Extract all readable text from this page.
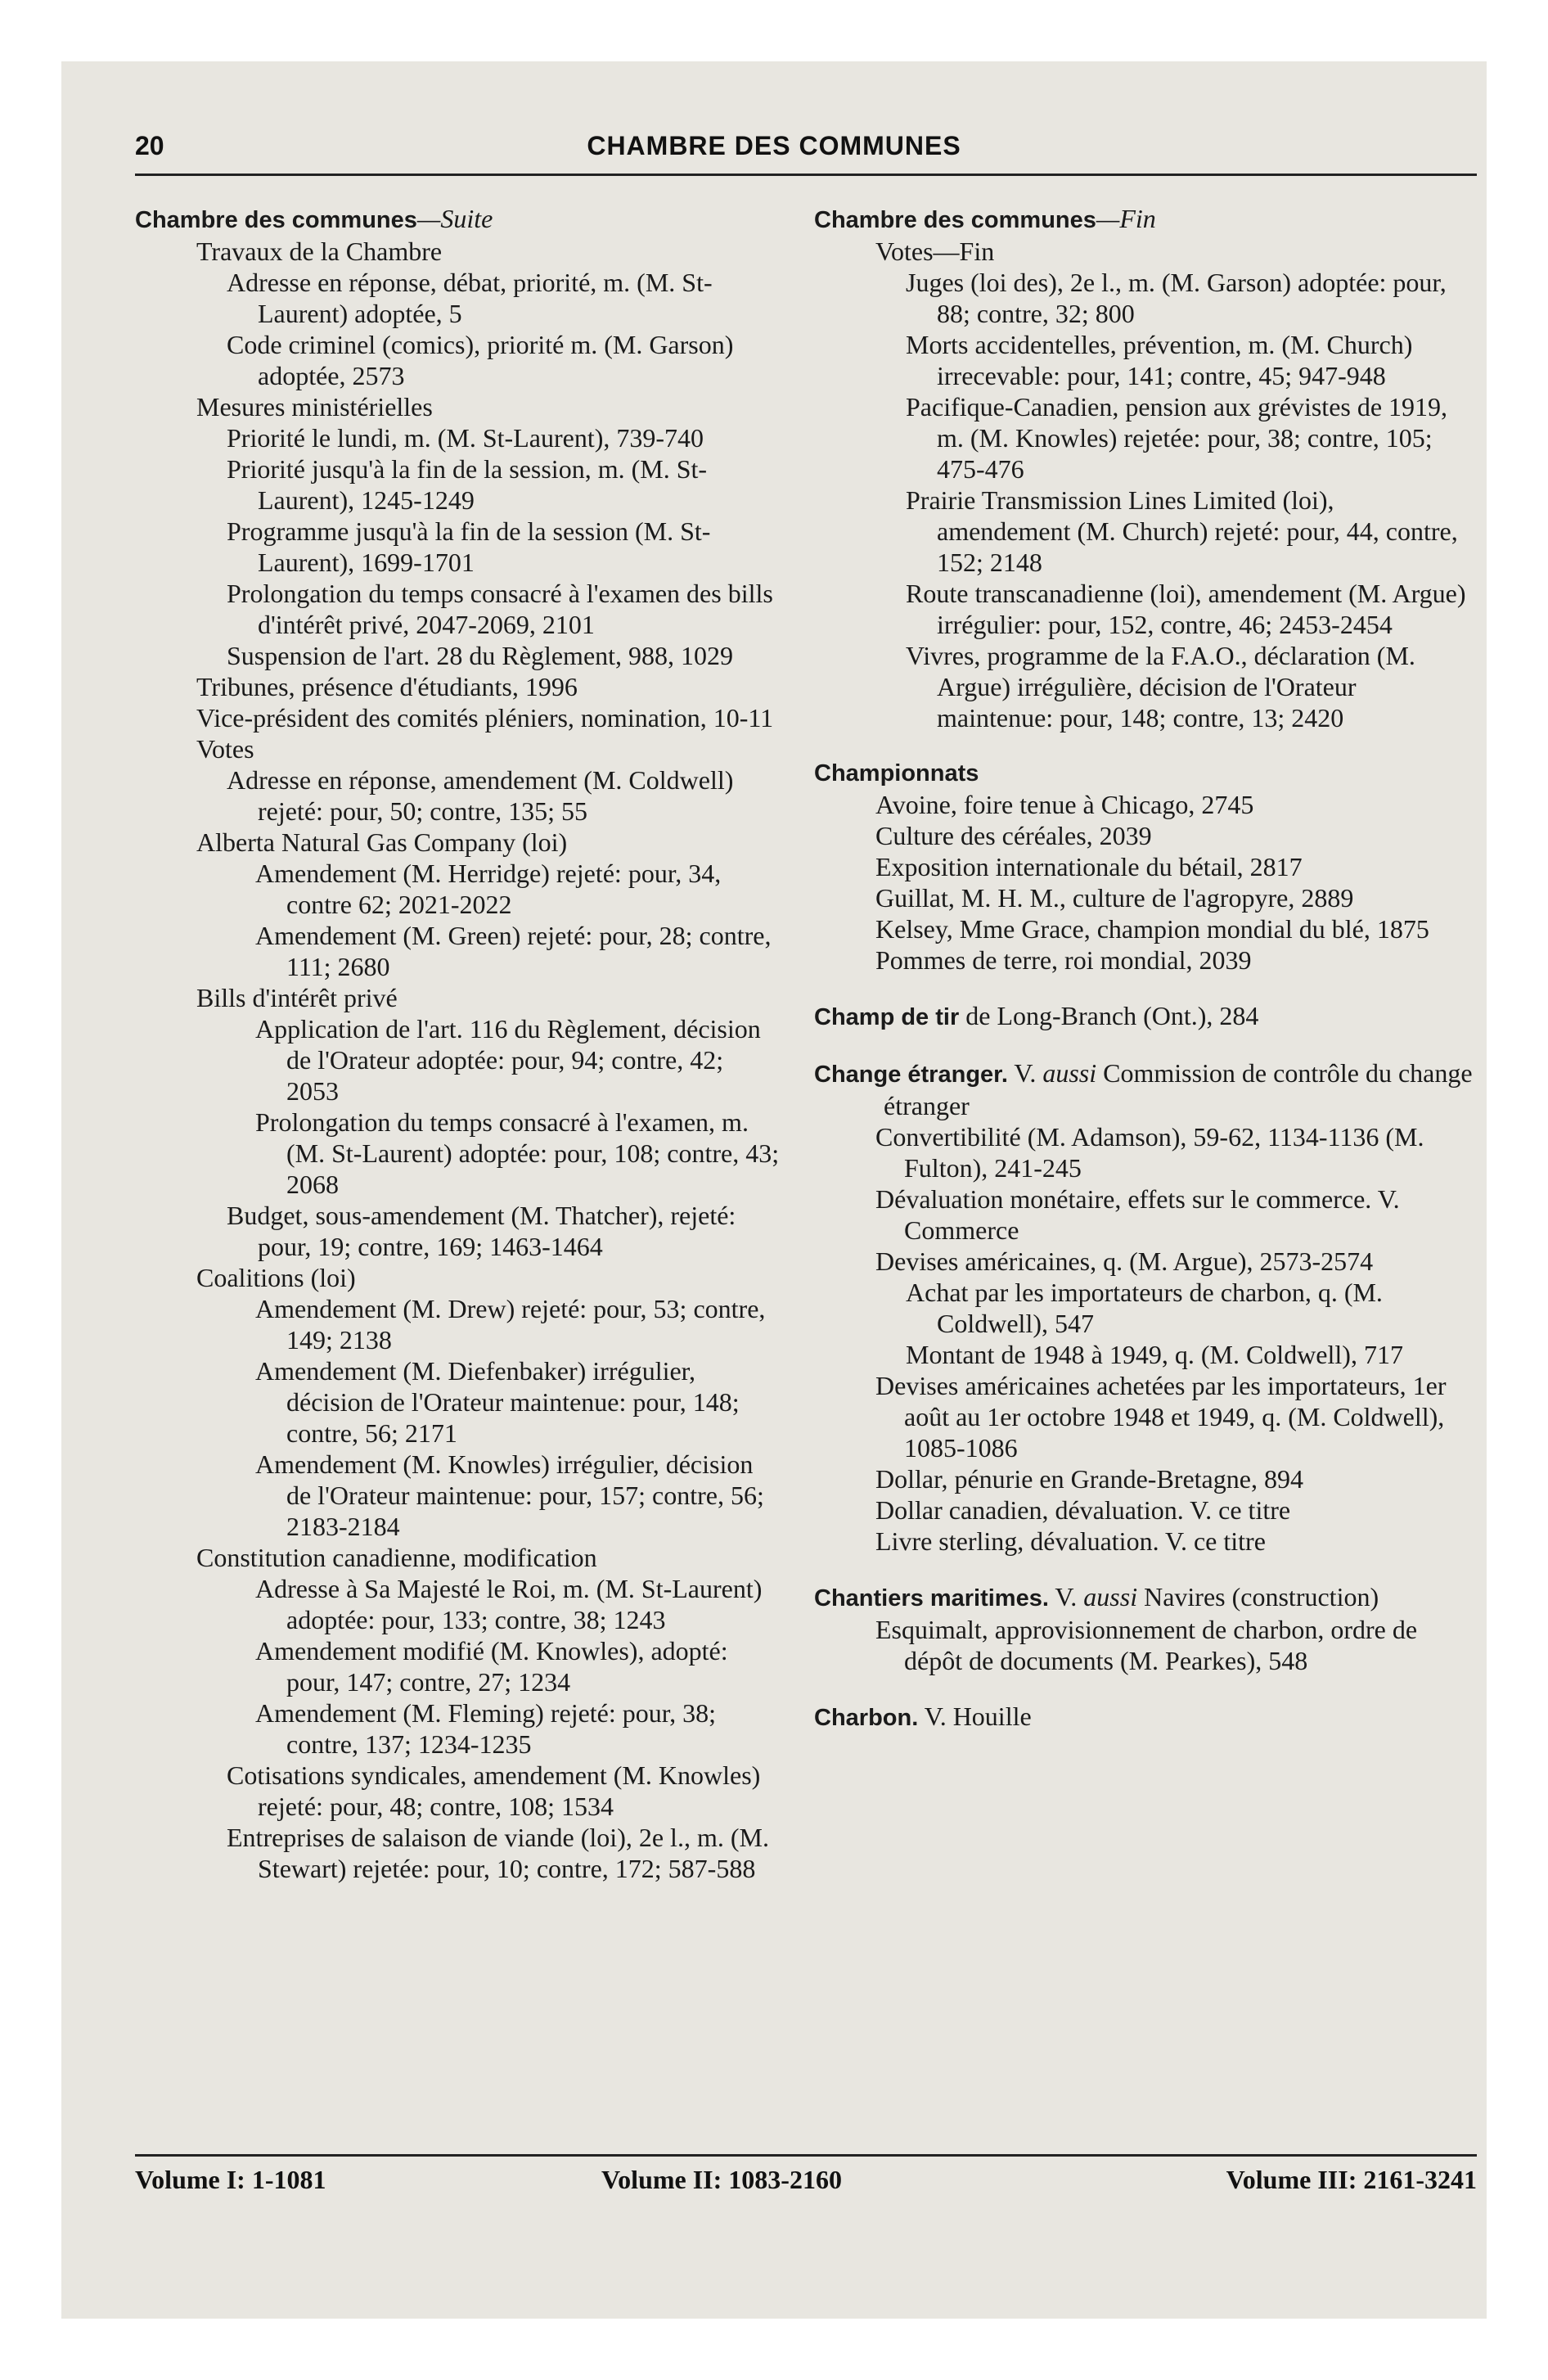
20	CHAMBRE DES COMMUNES

Chambre des communes—Suite

Travaux de la Chambre

Adresse en réponse, débat, priorité, m. (M. St-Laurent) adoptée, 5

Code criminel (comics), priorité m. (M. Garson) adoptée, 2573

Mesures ministérielles

Priorité le lundi, m. (M. St-Laurent), 739-740

Priorité jusqu'à la fin de la session, m. (M. St-Laurent), 1245-1249

Programme jusqu'à la fin de la session (M. St-Laurent), 1699-1701

Prolongation du temps consacré à l'examen des bills d'intérêt privé, 2047-2069, 2101

Suspension de l'art. 28 du Règlement, 988, 1029

Tribunes, présence d'étudiants, 1996

Vice-président des comités pléniers, nomination, 10-11

Votes

Adresse en réponse, amendement (M. Coldwell) rejeté: pour, 50; contre, 135; 55

Alberta Natural Gas Company (loi)

Amendement (M. Herridge) rejeté: pour, 34, contre 62; 2021-2022

Amendement (M. Green) rejeté: pour, 28; contre, 111; 2680

Bills d'intérêt privé

Application de l'art. 116 du Règlement, décision de l'Orateur adoptée: pour, 94; contre, 42; 2053

Prolongation du temps consacré à l'examen, m. (M. St-Laurent) adoptée: pour, 108; contre, 43; 2068

Budget, sous-amendement (M. Thatcher), rejeté: pour, 19; contre, 169; 1463-1464

Coalitions (loi)

Amendement (M. Drew) rejeté: pour, 53; contre, 149; 2138

Amendement (M. Diefenbaker) irrégulier, décision de l'Orateur maintenue: pour, 148; contre, 56; 2171

Amendement (M. Knowles) irrégulier, décision de l'Orateur maintenue: pour, 157; contre, 56; 2183-2184

Constitution canadienne, modification

Adresse à Sa Majesté le Roi, m. (M. St-Laurent) adoptée: pour, 133; contre, 38; 1243

Amendement modifié (M. Knowles), adopté: pour, 147; contre, 27; 1234

Amendement (M. Fleming) rejeté: pour, 38; contre, 137; 1234-1235

Cotisations syndicales, amendement (M. Knowles) rejeté: pour, 48; contre, 108; 1534

Entreprises de salaison de viande (loi), 2e l., m. (M. Stewart) rejetée: pour, 10; contre, 172; 587-588

Chambre des communes—Fin

Votes—Fin

Juges (loi des), 2e l., m. (M. Garson) adoptée: pour, 88; contre, 32; 800

Morts accidentelles, prévention, m. (M. Church) irrecevable: pour, 141; contre, 45; 947-948

Pacifique-Canadien, pension aux grévistes de 1919, m. (M. Knowles) rejetée: pour, 38; contre, 105; 475-476

Prairie Transmission Lines Limited (loi), amendement (M. Church) rejeté: pour, 44, contre, 152; 2148

Route transcanadienne (loi), amendement (M. Argue) irrégulier: pour, 152, contre, 46; 2453-2454

Vivres, programme de la F.A.O., déclaration (M. Argue) irrégulière, décision de l'Orateur maintenue: pour, 148; contre, 13; 2420

Championnats

Avoine, foire tenue à Chicago, 2745

Culture des céréales, 2039

Exposition internationale du bétail, 2817

Guillat, M. H. M., culture de l'agropyre, 2889

Kelsey, Mme Grace, champion mondial du blé, 1875

Pommes de terre, roi mondial, 2039

Champ de tir de Long-Branch (Ont.), 284

Change étranger. V. aussi Commission de contrôle du change étranger

Convertibilité (M. Adamson), 59-62, 1134-1136 (M. Fulton), 241-245

Dévaluation monétaire, effets sur le commerce. V. Commerce

Devises américaines, q. (M. Argue), 2573-2574

Achat par les importateurs de charbon, q. (M. Coldwell), 547

Montant de 1948 à 1949, q. (M. Coldwell), 717

Devises américaines achetées par les importateurs, 1er août au 1er octobre 1948 et 1949, q. (M. Coldwell), 1085-1086

Dollar, pénurie en Grande-Bretagne, 894

Dollar canadien, dévaluation. V. ce titre

Livre sterling, dévaluation. V. ce titre

Chantiers maritimes. V. aussi Navires (construction)

Esquimalt, approvisionnement de charbon, ordre de dépôt de documents (M. Pearkes), 548

Charbon. V. Houille

Volume I: 1-1081	Volume II: 1083-2160	Volume III: 2161-3241
